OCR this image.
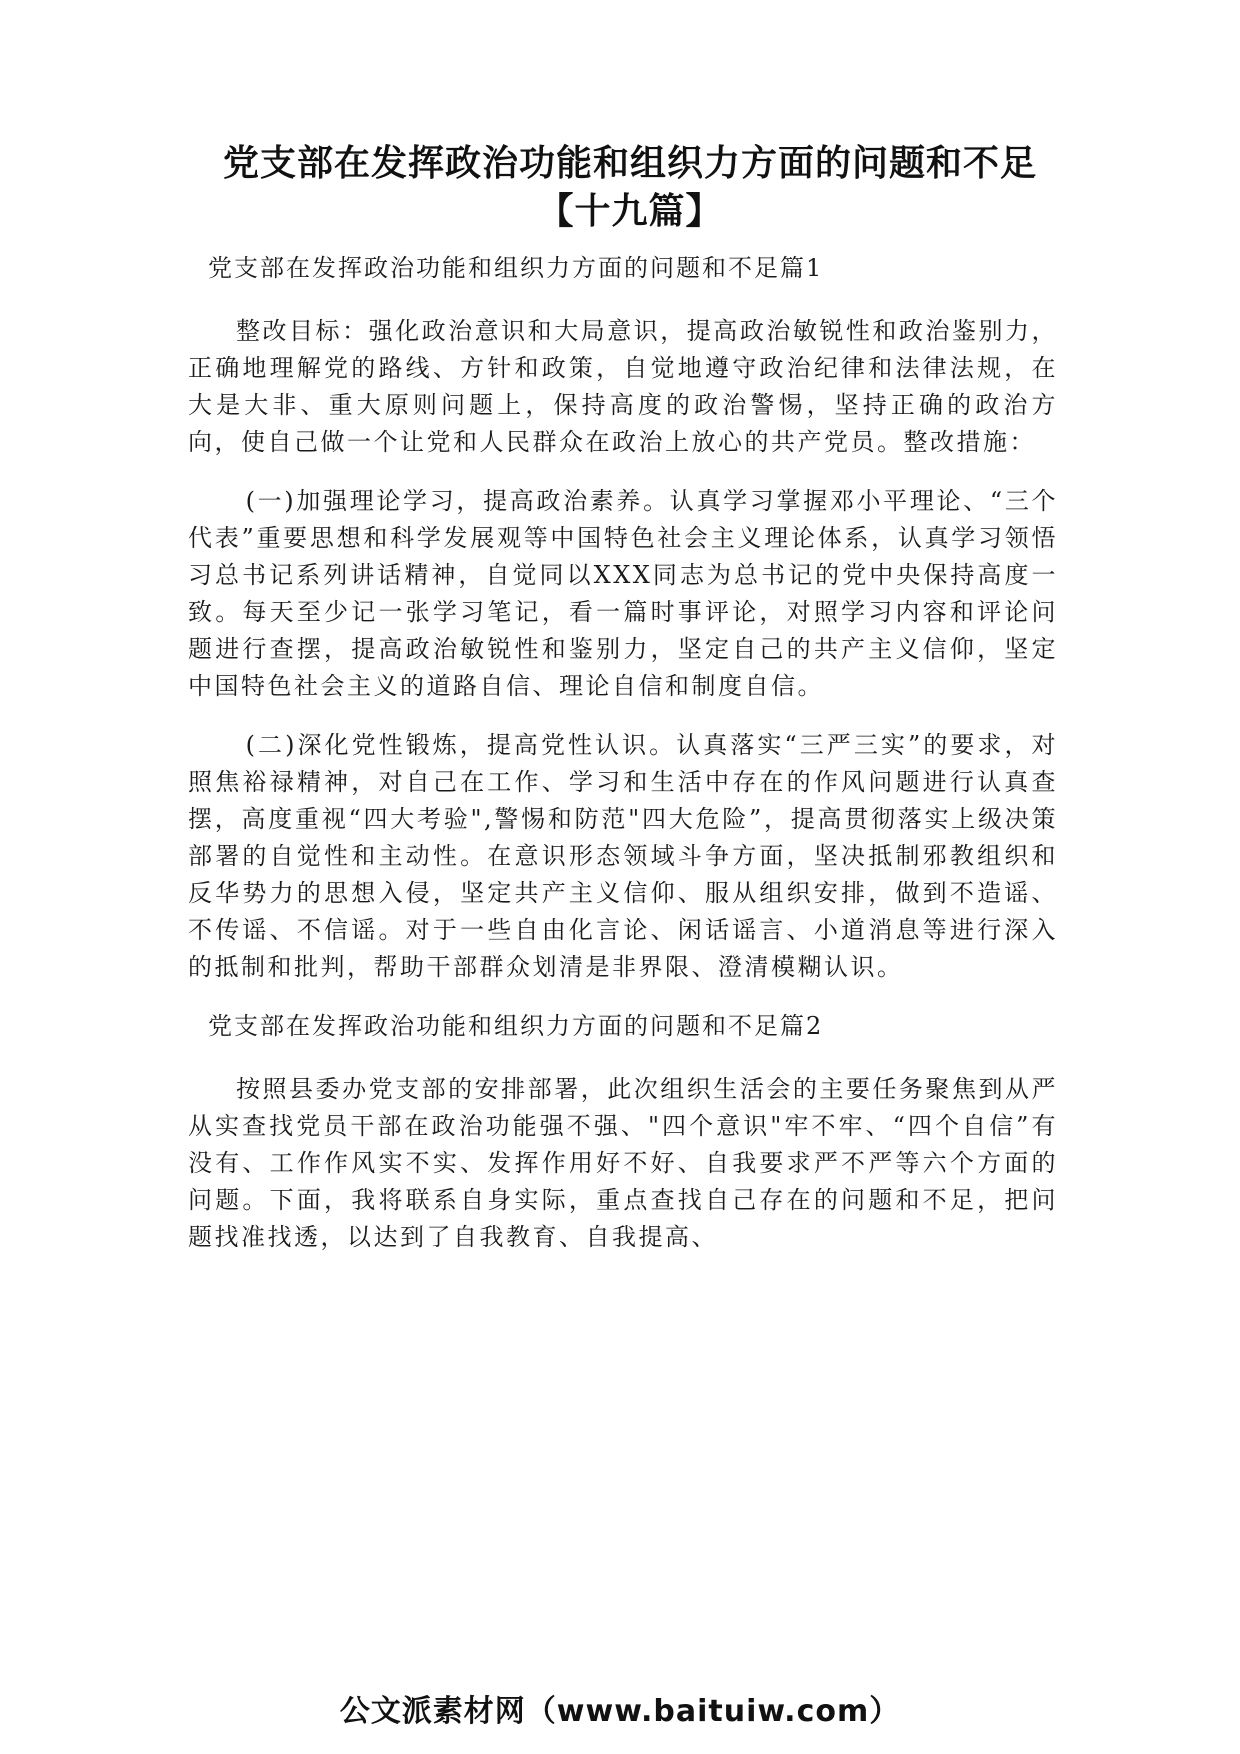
党支部在发挥政治功能和组织力方面的问题和不足【十九篇】
党支部在发挥政治功能和组织力方面的问题和不足篇1

整改目标：强化政治意识和大局意识，提高政治敏锐性和政治鉴别力，正确地理解党的路线、方针和政策，自觉地遵守政治纪律和法律法规，在大是大非、重大原则问题上，保持高度的政治警惕，坚持正确的政治方向，使自己做一个让党和人民群众在政治上放心的共产党员。整改措施：

(一)加强理论学习，提高政治素养。认真学习掌握邓小平理论、“三个代表”重要思想和科学发展观等中国特色社会主义理论体系，认真学习领悟习总书记系列讲话精神，自觉同以XXX同志为总书记的党中央保持高度一致。每天至少记一张学习笔记，看一篇时事评论，对照学习内容和评论问题进行查摆，提高政治敏锐性和鉴别力，坚定自己的共产主义信仰，坚定中国特色社会主义的道路自信、理论自信和制度自信。

(二)深化党性锻炼，提高党性认识。认真落实“三严三实”的要求，对照焦裕禄精神，对自己在工作、学习和生活中存在的作风问题进行认真查摆，高度重视“四大考验",警惕和防范"四大危险”，提高贯彻落实上级决策部署的自觉性和主动性。在意识形态领域斗争方面，坚决抵制邪教组织和反华势力的思想入侵，坚定共产主义信仰、服从组织安排，做到不造谣、不传谣、不信谣。对于一些自由化言论、闲话谣言、小道消息等进行深入的抵制和批判，帮助干部群众划清是非界限、澄清模糊认识。

党支部在发挥政治功能和组织力方面的问题和不足篇2

按照县委办党支部的安排部署，此次组织生活会的主要任务聚焦到从严从实查找党员干部在政治功能强不强、"四个意识"牢不牢、“四个自信”有没有、工作作风实不实、发挥作用好不好、自我要求严不严等六个方面的问题。下面，我将联系自身实际，重点查找自己存在的问题和不足，把问题找准找透，以达到了自我教育、自我提高、

公文派素材网（www.baituiw.com）
